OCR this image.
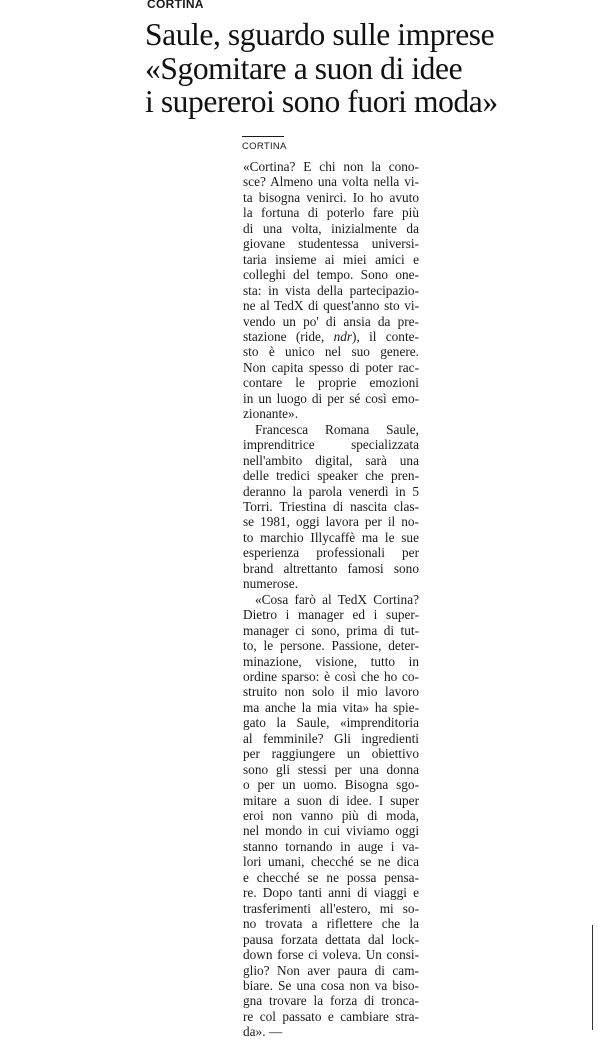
CORTINA
Saule, sguardo sulle imprese
«Sgomitare a suon di idee
i supereroi sono fuori moda»
CORTINA
«Cortina? E chi non la cono-
sce? Almeno una volta nella vi-
ta bisogna venirci. Io ho avuto
la fortuna di poterlo fare più
di una volta, inizialmente da
giovane studentessa universi-
taria insieme ai miei amici e
colleghi del tempo. Sono one-
sta: in vista della partecipazio-
ne al TedX di quest'anno sto vi-
vendo un po' di ansia da pre-
stazione (ride, ndr), il conte-
sto è unico nel suo genere.
Non capita spesso di poter rac-
contare le proprie emozioni
in un luogo di per sé così emo-
zionante».
Francesca Romana Saule,
imprenditrice specializzata
nell'ambito digital, sarà una
delle tredici speaker che pren-
deranno la parola venerdì in 5
Torri. Triestina di nascita clas-
se 1981, oggi lavora per il no-
to marchio Illycaffè ma le sue
esperienza professionali per
brand altrettanto famosi sono
numerose.
«Cosa farò al TedX Cortina?
Dietro i manager ed i super-
manager ci sono, prima di tut-
to, le persone. Passione, deter-
minazione, visione, tutto in
ordine sparso: è così che ho co-
struito non solo il mio lavoro
ma anche la mia vita» ha spie-
gato la Saule, «imprenditoria
al femminile? Gli ingredienti
per raggiungere un obiettivo
sono gli stessi per una donna
o per un uomo. Bisogna sgo-
mitare a suon di idee. I super
eroi non vanno più di moda,
nel mondo in cui viviamo oggi
stanno tornando in auge i va-
lori umani, checché se ne dica
e checché se ne possa pensa-
re. Dopo tanti anni di viaggi e
trasferimenti all'estero, mi so-
no trovata a riflettere che la
pausa forzata dettata dal lock-
down forse ci voleva. Un consi-
glio? Non aver paura di cam-
biare. Se una cosa non va biso-
gna trovare la forza di tronca-
re col passato e cambiare stra-
da». —
